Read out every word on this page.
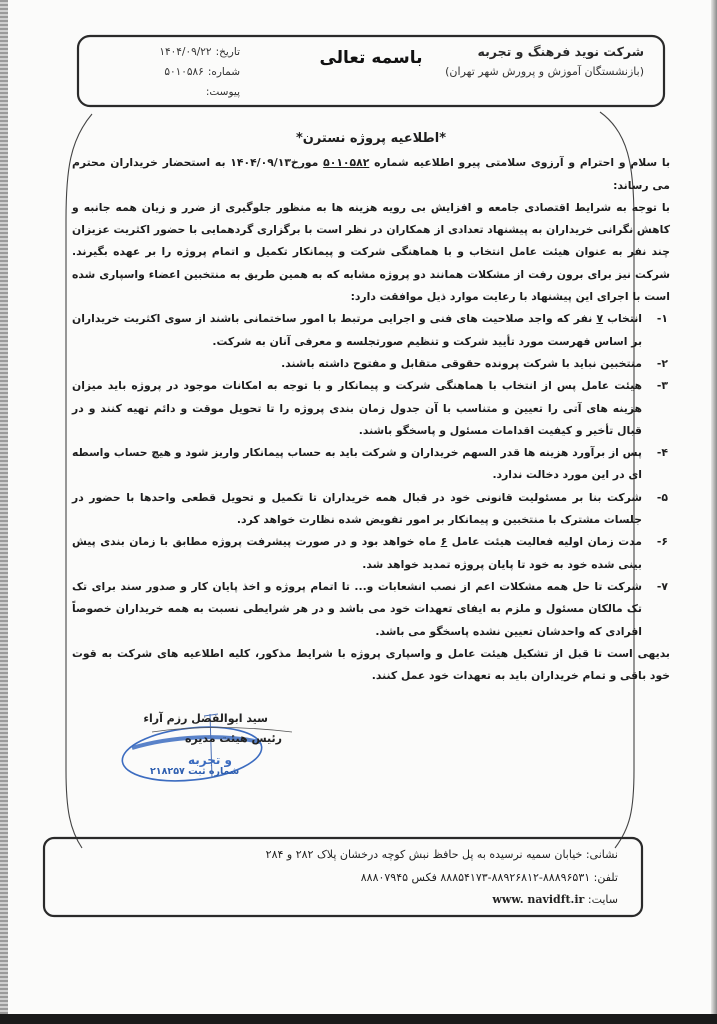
شرکت نوید فرهنگ و تجربه
(بازنشستگان آموزش و پرورش شهر تهران)
باسمه تعالی
تاریخ:
۱۴۰۴/۰۹/۲۲
شماره:
۵۰۱۰۵۸۶
پیوست:
*اطلاعیه پروژه نسترن*

با سلام و احترام و آرزوی سلامتی پیرو اطلاعیه شماره ۵۰۱۰۵۸۲ مورخ۱۴۰۴/۰۹/۱۳ به استحضار خریداران محترم می رساند:

با توجه به شرایط اقتصادی جامعه و افزایش بی رویه هزینه ها به منظور جلوگیری از ضرر و زیان همه جانبه و کاهش نگرانی خریداران به پیشنهاد تعدادی از همکاران در نظر است با برگزاری گردهمایی با حضور اکثریت عزیزان چند نفر به عنوان هیئت عامل انتخاب و با هماهنگی شرکت و پیمانکار تکمیل و اتمام پروژه را بر عهده بگیرند. شرکت نیز برای برون رفت از مشکلات همانند دو پروژه مشابه که به همین طریق به منتخبین اعضاء واسپاری شده است با اجرای این پیشنهاد با رعایت موارد ذیل موافقت دارد:

۱-
انتخاب ۷ نفر که واجد صلاحیت های فنی و اجرایی مرتبط با امور ساختمانی باشند از سوی اکثریت خریداران بر اساس فهرست مورد تأیید شرکت و تنظیم صورتجلسه و معرفی آنان به شرکت.
۲-
منتخبین نباید با شرکت پرونده حقوقی متقابل و مفتوح داشته باشند.
۳-
هیئت عامل پس از انتخاب با هماهنگی شرکت و پیمانکار و با توجه به امکانات موجود در پروژه باید میزان هزینه های آتی را تعیین و متناسب با آن جدول زمان بندی پروژه را تا تحویل موقت و دائم تهیه کنند و در قبال تأخیر و کیفیت اقدامات مسئول و پاسخگو باشند.
۴-
پس از برآورد هزینه ها قدر السهم خریداران و شرکت باید به حساب پیمانکار واریز شود و هیچ حساب واسطه ای در این مورد دخالت ندارد.
۵-
شرکت بنا بر مسئولیت قانونی خود در قبال همه خریداران تا تکمیل و تحویل قطعی واحدها با حضور در جلسات مشترک با منتخبین و پیمانکار بر امور تفویض شده نظارت خواهد کرد.
۶-
مدت زمان اولیه فعالیت هیئت عامل ۶ ماه خواهد بود و در صورت پیشرفت پروژه مطابق با زمان بندی پیش بینی شده خود به خود تا پایان پروژه تمدید خواهد شد.
۷-
شرکت تا حل همه مشکلات اعم از نصب انشعابات و... تا اتمام پروژه و اخذ پایان کار و صدور سند برای تک تک مالکان مسئول و ملزم به ایفای تعهدات خود می باشد و در هر شرایطی نسبت به همه خریداران خصوصاً افرادی که واحدشان تعیین نشده پاسخگو می باشد.

بدیهی است تا قبل از تشکیل هیئت عامل و واسپاری پروژه با شرایط مذکور، کلیه اطلاعیه های شرکت به قوت خود باقی و تمام خریداران باید به تعهدات خود عمل کنند.

و تجربه
سید ابوالفضل رزم آراء
رئیس هیئت مدیره
شماره ثبت ۲۱۸۲۵۷
نشانی: خیابان سمیه نرسیده به پل حافظ نبش کوچه درخشان پلاک ۲۸۲ و ۲۸۴
تلفن: ۸۸۸۹۶۵۳۱-۸۸۹۲۶۸۱۲-۸۸۸۵۴۱۷۳ فکس ۸۸۸۰۷۹۴۵
سایت: www. navidft.ir
